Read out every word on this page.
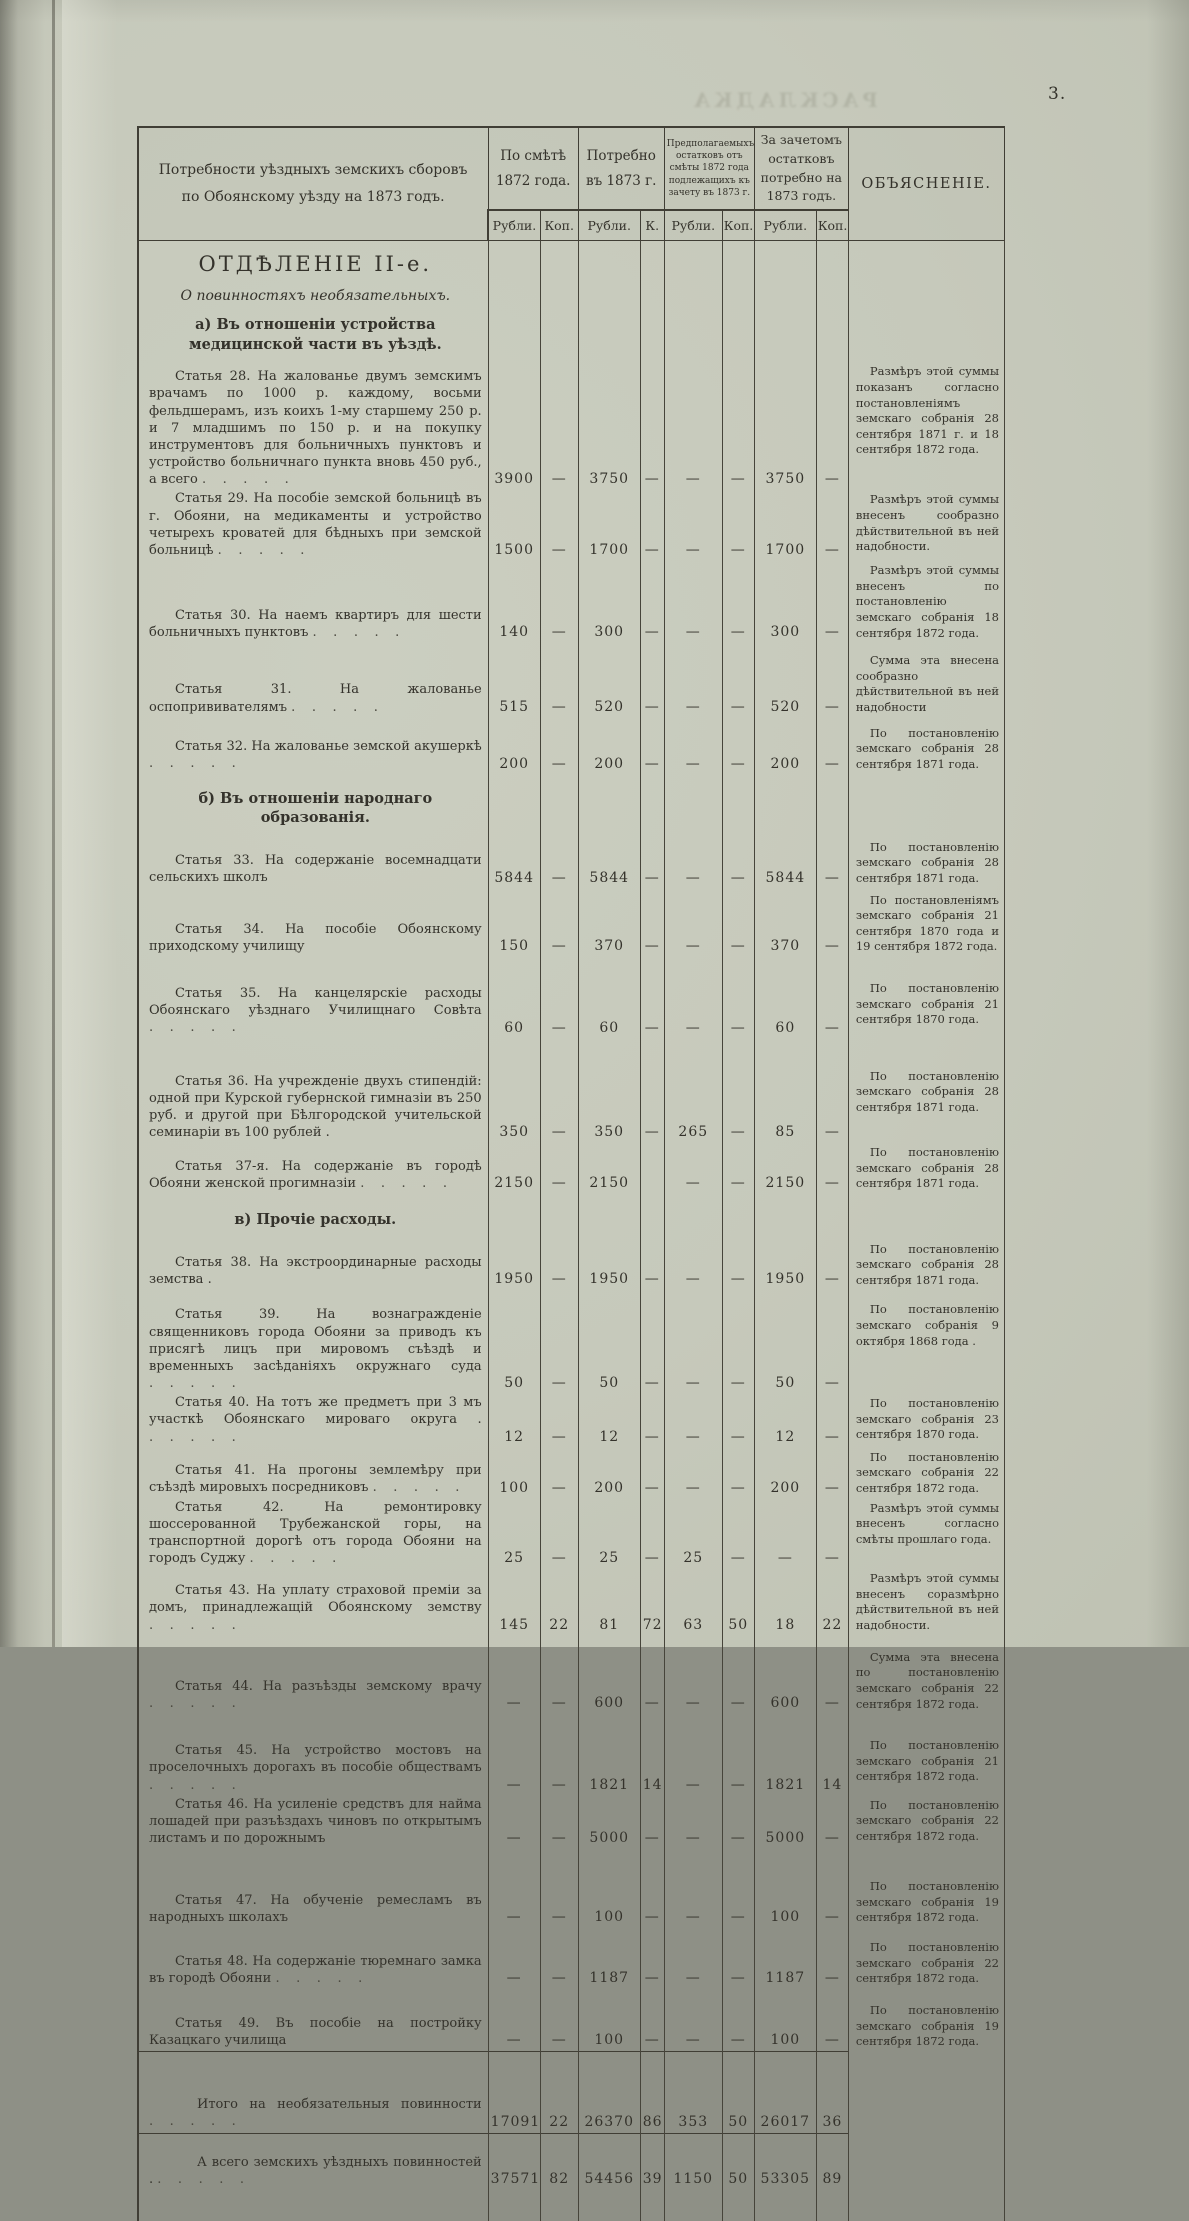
РАСКЛАДКА	3.
Потребности уѣздныхъ земскихъ сборовъ по Обоянскому уѣзду на 1873 годъ.	По смѣтѣ 1872 года.		Потребно въ 1873 г.		Предполагаемыхъ остатковъ отъ смѣты 1872 года подлежащихъ къ зачету въ 1873 г.		За зачетомъ остатковъ потребно на 1873 годъ.		ОБЪЯСНЕНІЕ.
	Рубли.	Коп.	Рубли.	К.	Рубли.	Коп.	Рубли.	Коп.	

ОТДѢЛЕНІЕ II-е.									

О повинностяхъ необязательныхъ.									

а) Въ отношеніи устройства медицинской части въ уѣздѣ.									

Статья 28. На жалованье двумъ земскимъ врачамъ по 1000 р. каждому, восьми фельдшерамъ, изъ коихъ 1-му старшему 250 р. и 7 младшимъ по 150 р. и на покупку инструментовъ для больничныхъ пунктовъ и устройство больничнаго пункта вновь 450 руб., а всего .	3900	—	3750	—	—	—	3750	—	Размѣръ этой суммы показанъ согласно постановленіямъ земскаго собранія 28 сентября 1871 г. и 18 сентября 1872 года.

Статья 29. На пособіе земской больницѣ въ г. Обояни, на медикаменты и устройство четырехъ кроватей для бѣдныхъ при земской больницѣ .	1500	—	1700	—	—	—	1700	—	Размѣръ этой суммы внесенъ сообразно дѣйствительной въ ней надобности.

Статья 30. На наемъ квартиръ для шести больничныхъ пунктовъ .	140	—	300	—	—	—	300	—	Размѣръ этой суммы внесенъ по постановленію земскаго собранія 18 сентября 1872 года.

Статья 31. На жалованье оспопрививателямъ .	515	—	520	—	—	—	520	—	Сумма эта внесена сообразно дѣйствительной въ ней надобности

Статья 32. На жалованье земской акушеркѣ .	200	—	200	—	—	—	200	—	По постановленію земскаго собранія 28 сентября 1871 года.

б) Въ отношеніи народнаго образованія.									

Статья 33. На содержаніе восемнадцати сельскихъ школъ	5844	—	5844	—	—	—	5844	—	По постановленію земскаго собранія 28 сентября 1871 года.

Статья 34. На пособіе Обоянскому приходскому училищу	150	—	370	—	—	—	370	—	По постановленіямъ земскаго собранія 21 сентября 1870 года и 19 сентября 1872 года.

Статья 35. На канцелярскіе расходы Обоянскаго уѣзднаго Училищнаго Совѣта .	60	—	60	—	—	—	60	—	По постановленію земскаго собранія 21 сентября 1870 года.

Статья 36. На учрежденіе двухъ стипендій: одной при Курской губернской гимназіи въ 250 руб. и другой при Бѣлгородской учительской семинаріи въ 100 рублей .	350	—	350	—	265	—	85	—	По постановленію земскаго собранія 28 сентября 1871 года.

Статья 37-я. На содержаніе въ городѣ Обояни женской прогимназіи .	2150	—	2150		—	—	2150	—	По постановленію земскаго собранія 28 сентября 1871 года.

в) Прочіе расходы.									

Статья 38. На экстроординарные расходы земства .	1950	—	1950	—	—	—	1950	—	По постановленію земскаго собранія 28 сентября 1871 года.

Статья 39. На вознагражденіе священниковъ города Обояни за приводъ къ присягѣ лицъ при мировомъ съѣздѣ и временныхъ засѣданіяхъ окружнаго суда .	50	—	50	—	—	—	50	—	По постановленію земскаго собранія 9 октября 1868 года .

Статья 40. На тотъ же предметъ при 3 мъ участкѣ Обоянскаго мироваго округа . .	12	—	12	—	—	—	12	—	По постановленію земскаго собранія 23 сентября 1870 года.

Статья 41. На прогоны землемѣру при съѣздѣ мировыхъ посредниковъ .	100	—	200	—	—	—	200	—	По постановленію земскаго собранія 22 сентября 1872 года.

Статья 42. На ремонтировку шоссерованной Трубежанской горы, на транспортной дорогѣ отъ города Обояни на городъ Суджу .	25	—	25	—	25	—	—	—	Размѣръ этой суммы внесенъ согласно смѣты прошлаго года.

Статья 43. На уплату страховой преміи за домъ, принадлежащій Обоянскому земству .	145	22	81	72	63	50	18	22	Размѣръ этой суммы внесенъ соразмѣрно дѣйствительной въ ней надобности.

Статья 44. На разъѣзды земскому врачу .	—	—	600	—	—	—	600	—	Сумма эта внесена по постановленію земскаго собранія 22 сентября 1872 года.

Статья 45. На устройство мостовъ на проселочныхъ дорогахъ въ пособіе обществамъ .	—	—	1821	14	—	—	1821	14	По постановленію земскаго собранія 21 сентября 1872 года.

Статья 46. На усиленіе средствъ для найма лошадей при разъѣздахъ чиновъ по открытымъ листамъ и по дорожнымъ	—	—	5000	—	—	—	5000	—	По постановленію земскаго собранія 22 сентября 1872 года.

Статья 47. На обученіе ремесламъ въ народныхъ школахъ	—	—	100	—	—	—	100	—	По постановленію земскаго собранія 19 сентября 1872 года.

Статья 48. На содержаніе тюремнаго замка въ городѣ Обояни .	—	—	1187	—	—	—	1187	—	По постановленію земскаго собранія 22 сентября 1872 года.

Статья 49. Въ пособіе на постройку Казацкаго училища	—	—	100	—	—	—	100	—	По постановленію земскаго собранія 19 сентября 1872 года.

Итого на необязательныя повинности .	17091	22	26370	86	353	50	26017	36	

А всего земскихъ уѣздныхъ повинностей . .	37571	82	54456	39	1150	50	53305	89	
